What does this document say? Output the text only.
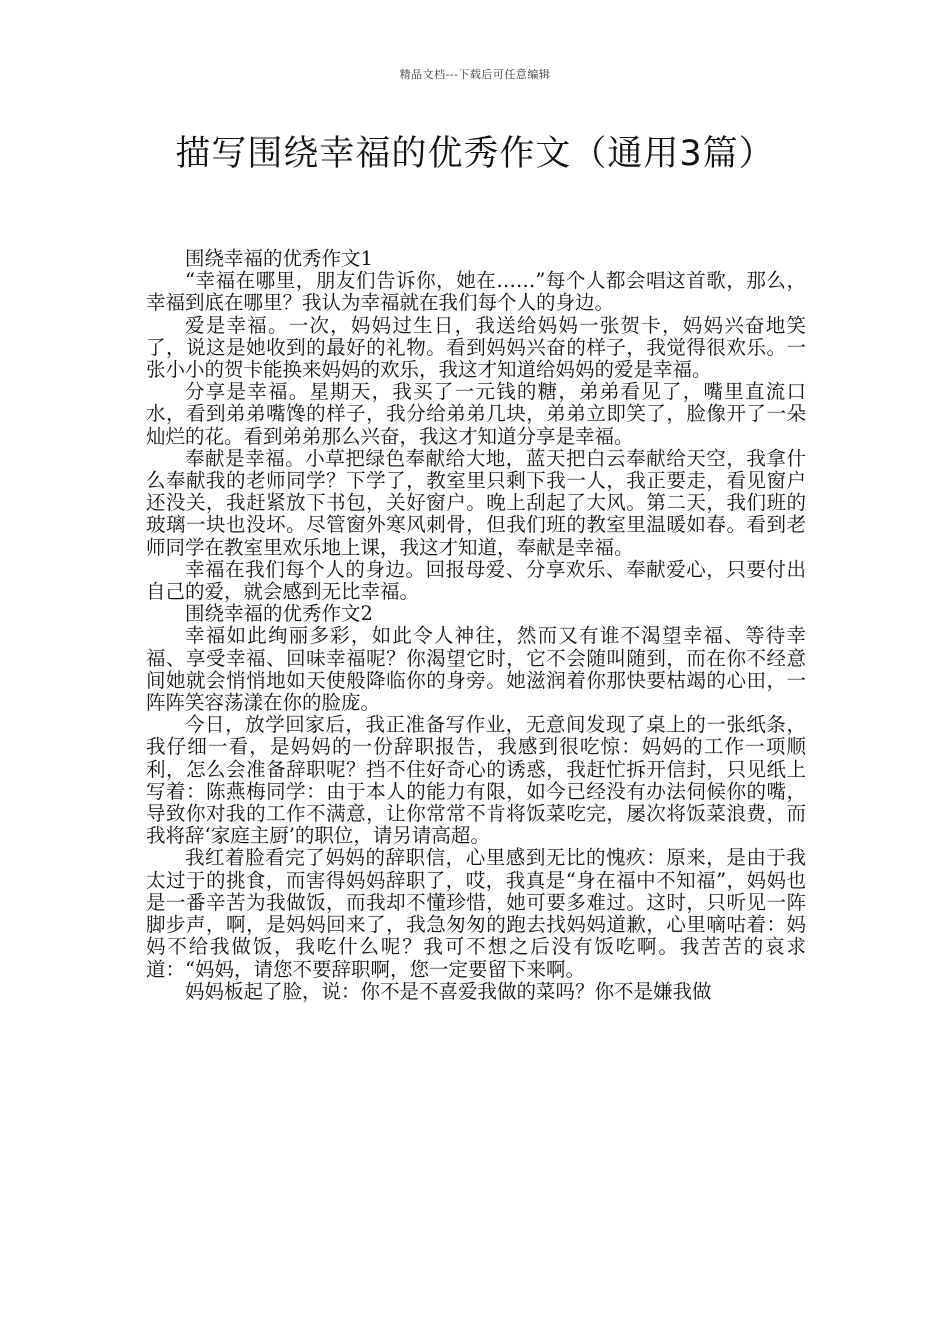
精品文档---下载后可任意编辑
描写围绕幸福的优秀作文（通用3篇）

围绕幸福的优秀作文1

“幸福在哪里，朋友们告诉你，她在……”每个人都会唱这首歌，那么，幸福到底在哪里？我认为幸福就在我们每个人的身边。

爱是幸福。一次，妈妈过生日，我送给妈妈一张贺卡，妈妈兴奋地笑了，说这是她收到的最好的礼物。看到妈妈兴奋的样子，我觉得很欢乐。一张小小的贺卡能换来妈妈的欢乐，我这才知道给妈妈的爱是幸福。

分享是幸福。星期天，我买了一元钱的糖，弟弟看见了，嘴里直流口水，看到弟弟嘴馋的样子，我分给弟弟几块，弟弟立即笑了，脸像开了一朵灿烂的花。看到弟弟那么兴奋，我这才知道分享是幸福。

奉献是幸福。小草把绿色奉献给大地，蓝天把白云奉献给天空，我拿什么奉献我的老师同学？下学了，教室里只剩下我一人，我正要走，看见窗户还没关，我赶紧放下书包，关好窗户。晚上刮起了大风。第二天，我们班的玻璃一块也没坏。尽管窗外寒风刺骨，但我们班的教室里温暖如春。看到老师同学在教室里欢乐地上课，我这才知道，奉献是幸福。

幸福在我们每个人的身边。回报母爱、分享欢乐、奉献爱心，只要付出自己的爱，就会感到无比幸福。

围绕幸福的优秀作文2

幸福如此绚丽多彩，如此令人神往，然而又有谁不渴望幸福、等待幸福、享受幸福、回味幸福呢？你渴望它时，它不会随叫随到，而在你不经意间她就会悄悄地如天使般降临你的身旁。她滋润着你那快要枯竭的心田，一阵阵笑容荡漾在你的脸庞。

今日，放学回家后，我正准备写作业，无意间发现了桌上的一张纸条，我仔细一看，是妈妈的一份辞职报告，我感到很吃惊：妈妈的工作一项顺利，怎么会准备辞职呢？挡不住好奇心的诱惑，我赶忙拆开信封，只见纸上写着：陈燕梅同学：由于本人的能力有限，如今已经没有办法伺候你的嘴，导致你对我的工作不满意，让你常常不肯将饭菜吃完，屡次将饭菜浪费，而我将辞‘家庭主厨’的职位，请另请高超。

我红着脸看完了妈妈的辞职信，心里感到无比的愧疚：原来，是由于我太过于的挑食，而害得妈妈辞职了，哎，我真是“身在福中不知福”，妈妈也是一番辛苦为我做饭，而我却不懂珍惜，她可要多难过。这时，只听见一阵脚步声，啊，是妈妈回来了，我急匆匆的跑去找妈妈道歉，心里嘀咕着：妈妈不给我做饭，我吃什么呢？我可不想之后没有饭吃啊。我苦苦的哀求道：“妈妈，请您不要辞职啊，您一定要留下来啊。

妈妈板起了脸，说：你不是不喜爱我做的菜吗？你不是嫌我做
